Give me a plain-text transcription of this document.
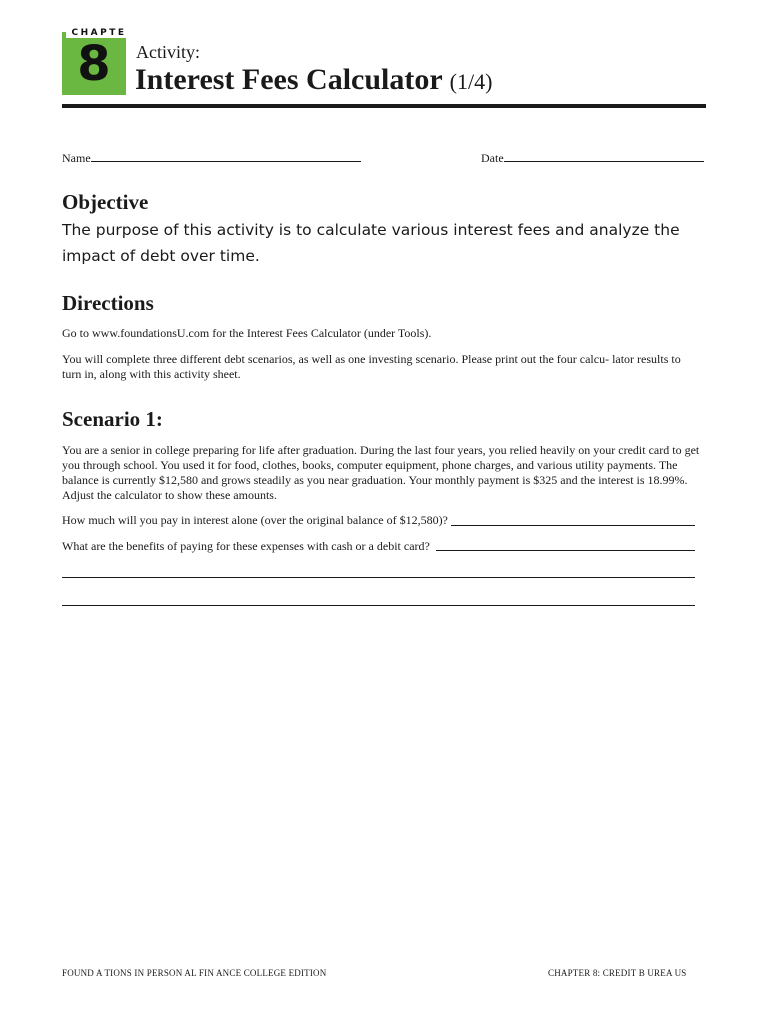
CHAPTE
8	Activity:
Interest Fees Calculator (1/4)
Name	Date
Objective

The purpose of this activity is to calculate various interest fees and analyze the impact of debt over time.

Directions

Go to www.foundationsU.com for the Interest Fees Calculator (under Tools).

You will complete three different debt scenarios, as well as one investing scenario. Please print out the four calcu- lator results to turn in, along with this activity sheet.

Scenario 1:

You are a senior in college preparing for life after graduation. During the last four years, you relied heavily on your credit card to get you through school. You used it for food, clothes, books, computer equipment, phone charges, and various utility payments. The balance is currently $12,580 and grows steadily as you near graduation. Your monthly payment is $325 and the interest is 18.99%. Adjust the calculator to show these amounts.

How much will you pay in interest alone (over the original balance of $12,580)?
What are the benefits of paying for these expenses with cash or a debit card?
FOUND A TIONS IN PERSON AL FIN ANCE COLLEGE EDITION	CHAPTER 8: CREDIT B UREA US
